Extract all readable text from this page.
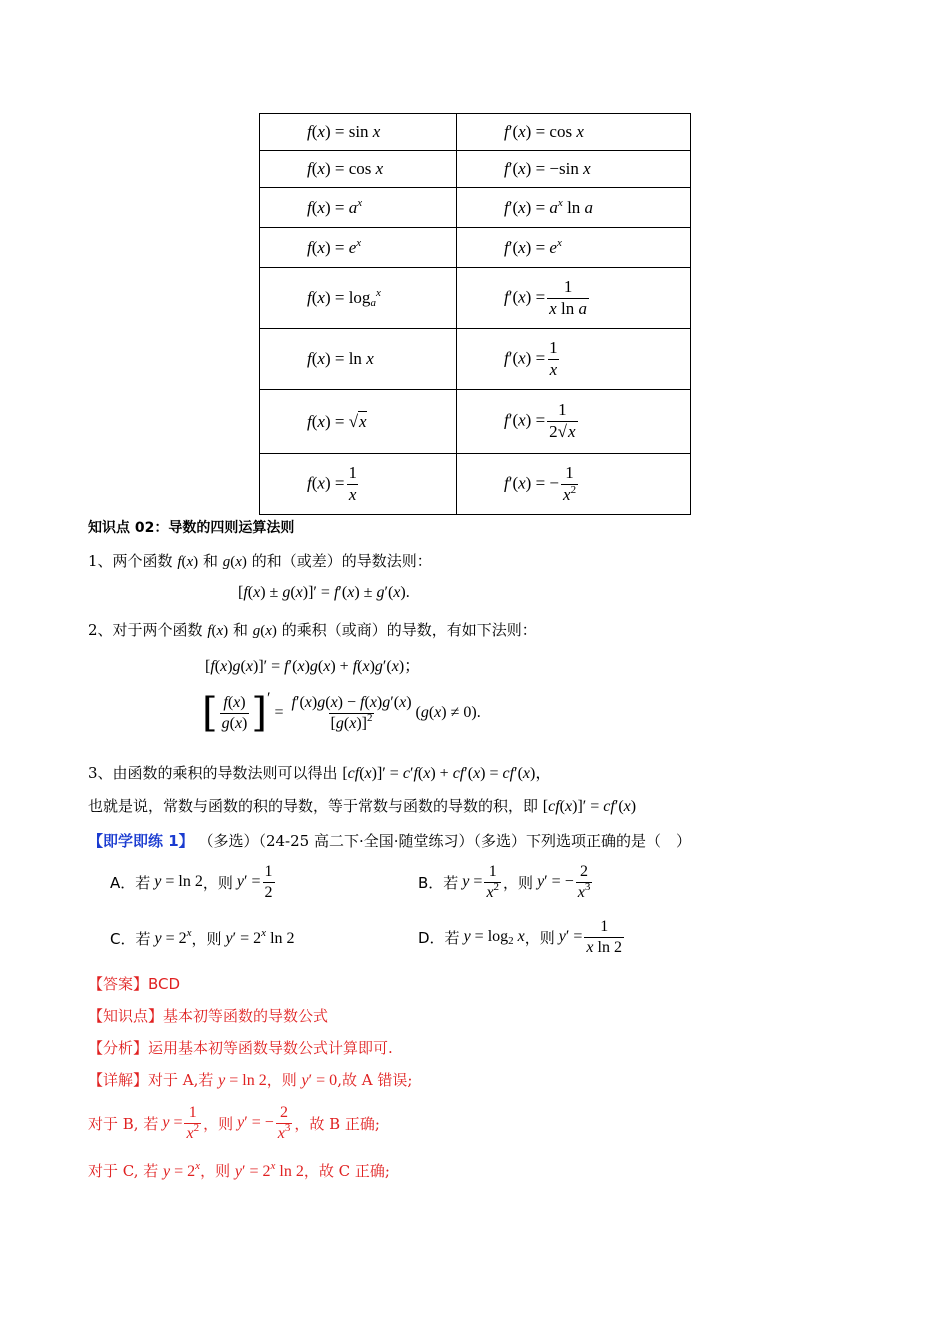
f(x) = sin x	f′(x) = cos x
f(x) = cos x	f′(x) = −sin x
$f(x) = a^x$	$f'(x) = a^x$ ln a
$f(x) = e^x$	$f'(x) = e^x$
$f(x) = \log_a^x$	$f'(x) = \frac{1}{\text{x ln a}}$

f(x) = ln x	$f'(x) = \frac{1}{x}$

f(x) = √x	$f'(x) = \frac{1}{2√x}$

$f(x) = \frac{1}{x}$	f′(x) = − $\frac{1}{x^2}$
知识点 02：导数的四则运算法则
1、两个函数 f(x) 和 g(x) 的和（或差）的导数法则：
[f(x) ± g(x)]′ = f′(x) ± g′(x).
2、对于两个函数 f(x) 和 g(x) 的乘积（或商）的导数，有如下法则：
[f(x)g(x)]′ = f′(x)g(x) + f(x)g′(x)；
[ $\frac{f(x)}{g(x)}$ ] ′
= $\frac{f'(x)g(x) - f(x)g'(x)}{[g(x)]^2} (g(x) \ne 0)$.
3、由函数的乘积的导数法则可以得出 [cf(x)]′ = c′f(x) + cf′(x) = cf′(x)，
也就是说，常数与函数的积的导数，等于常数与函数的导数的积，即 [cf(x)]′ = cf′(x)
【即学即练 1】 （多选）（24-25 高二下·全国·随堂练习）（多选）下列选项正确的是（　）
A．若 y = ln 2 ，则 $y' = \frac{1}{2}$	B．若 $y = \frac{1}{x^2}$ ，则 y′ = − $\frac{2}{x^3}$
C．若 $y = 2^x$ ，则 $y' = 2^x$ ln 2	D．若 $y = \log_2 x$ ，则 $y' = \frac{1}{\text{x ln 2}}$
【答案】BCD
【知识点】基本初等函数的导数公式
【分析】运用基本初等函数导数公式计算即可.
【详解】对于 A,若 y = ln 2，则 y′ = 0,故 A 错误;
对于 B, 若 $y = \frac{1}{x^2}$ ，则 y′ = − $\frac{2}{x^3}$ ，故 B 正确;
对于 C, 若 $y = 2^x$，则 $y' = 2^x$ ln 2，故 C 正确;
